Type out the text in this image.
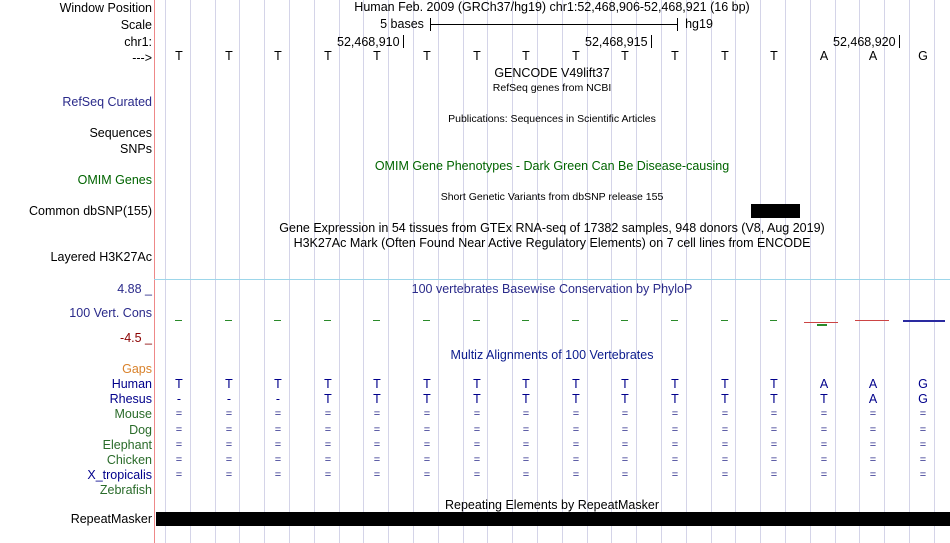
Window Position
Scale
chr1:
--->
RefSeq Curated
Sequences
SNPs
OMIM Genes
Common dbSNP(155)
Layered H3K27Ac
4.88 _
100 Vert. Cons
-4.5 _
Gaps
RepeatMasker
Human Feb. 2009 (GRCh37/hg19) chr1:52,468,906-52,468,921 (16 bp)
5 bases	hg19
52,468,910	52,468,915	52,468,920
T	T	T	T	T	T	T	T	T	T	T	T	T	A	A	G
GENCODE V49lift37
RefSeq genes from NCBI
Publications: Sequences in Scientific Articles
OMIM Gene Phenotypes - Dark Green Can Be Disease-causing
Short Genetic Variants from dbSNP release 155
Gene Expression in 54 tissues from GTEx RNA-seq of 17382 samples, 948 donors (V8, Aug 2019)
H3K27Ac Mark (Often Found Near Active Regulatory Elements) on 7 cell lines from ENCODE
100 vertebrates Basewise Conservation by PhyloP
Multiz Alignments of 100 Vertebrates
Human	T	T	T	T	T	T	T	T	T	T	T	T	T	A	A	G
Rhesus	-	-	-	T	T	T	T	T	T	T	T	T	T	T	A	G
Mouse	=	=	=	=	=	=	=	=	=	=	=	=	=	=	=	=
Dog	=	=	=	=	=	=	=	=	=	=	=	=	=	=	=	=
Elephant	=	=	=	=	=	=	=	=	=	=	=	=	=	=	=	=
Chicken	=	=	=	=	=	=	=	=	=	=	=	=	=	=	=	=
X_tropicalis	=	=	=	=	=	=	=	=	=	=	=	=	=	=	=	=
Zebrafish
Repeating Elements by RepeatMasker
